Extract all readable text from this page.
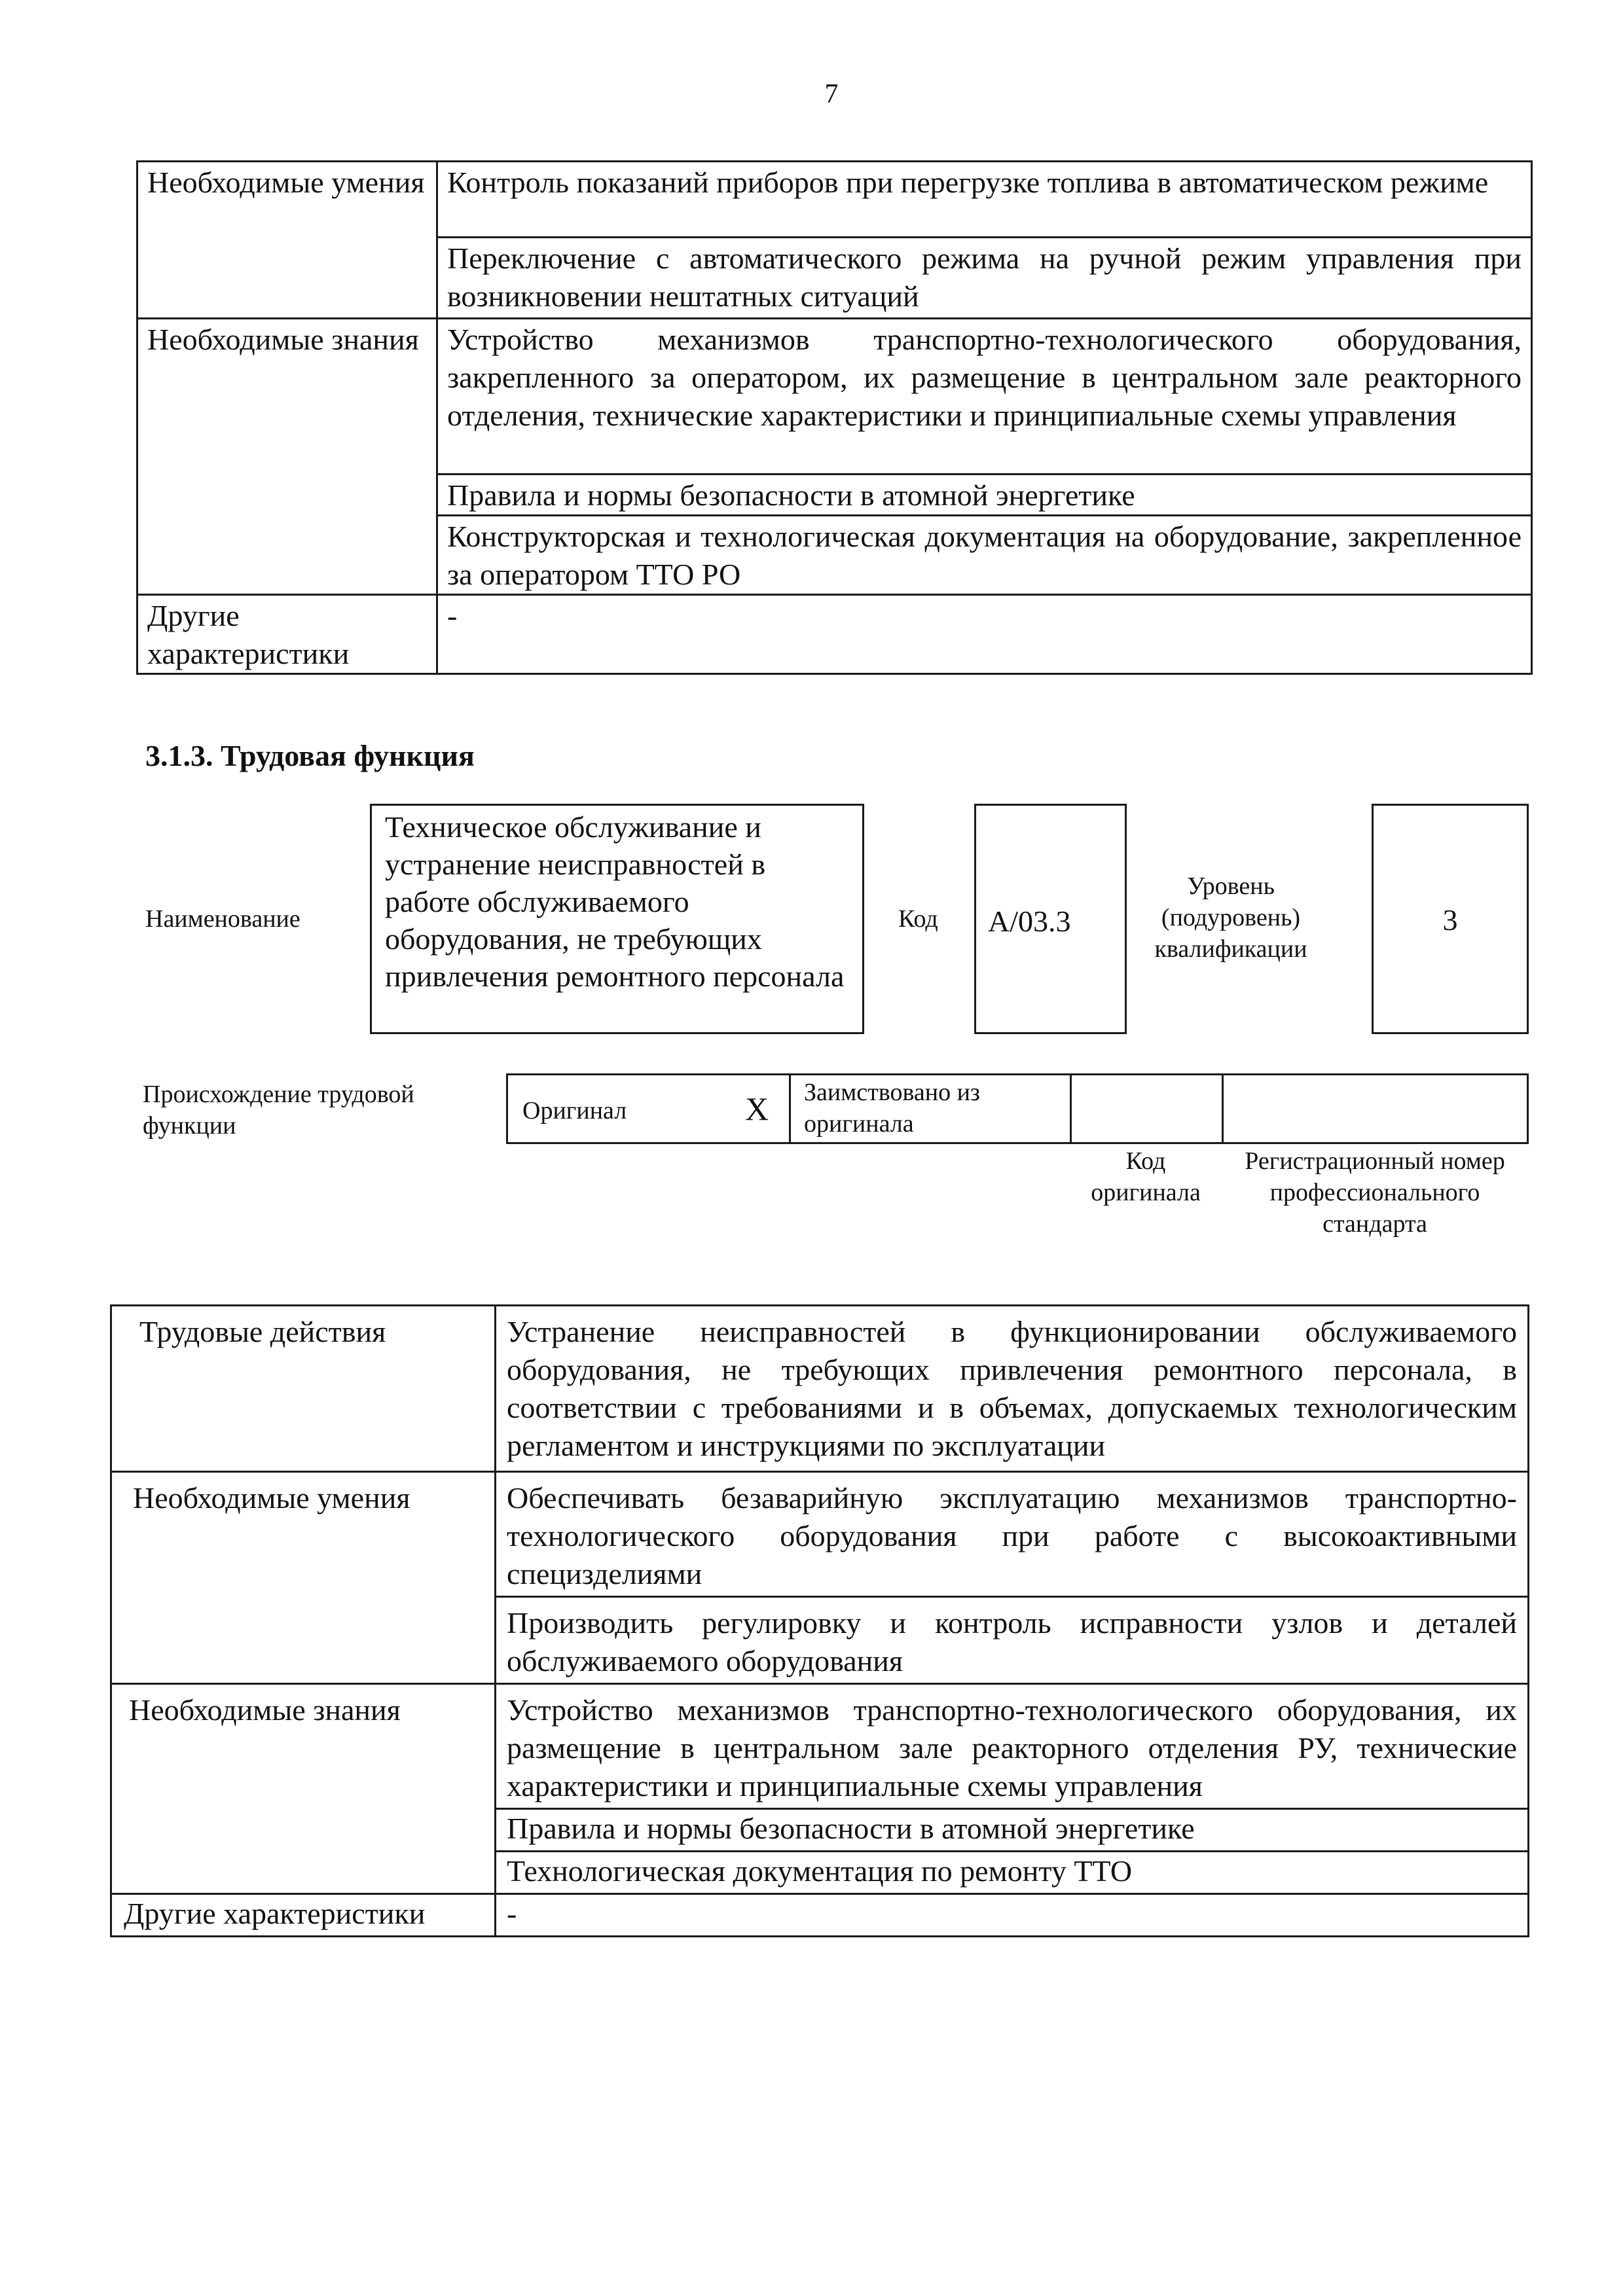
7
Необходимые умения	Контроль показаний приборов при перегрузке топлива в автоматическом режиме
	Переключение с автоматического режима на ручной режим управления при возникновении нештатных ситуаций
Необходимые знания	Устройство механизмов транспортно-технологического оборудования, закрепленного за оператором, их размещение в центральном зале реакторного отделения, технические характеристики и принципиальные схемы управления
	Правила и нормы безопасности в атомной энергетике
	Конструкторская и технологическая документация на оборудование, закрепленное за оператором ТТО РО
Другие характеристики	-
3.1.3. Трудовая функция
Наименование
Техническое обслуживание и устранение неисправностей в работе обслуживаемого оборудования, не требующих привлечения ремонтного персонала
Код	A/03.3
Уровень (подуровень) квалификации
3
Происхождение трудовой функции
Оригинал	X	Заимствовано из оригинала
Код оригинала
Регистрационный номер профессионального стандарта
Трудовые действия	Устранение неисправностей в функционировании обслуживаемого оборудования, не требующих привлечения ремонтного персонала, в соответствии с требованиями и в объемах, допускаемых технологическим регламентом и инструкциями по эксплуатации
Необходимые умения	Обеспечивать безаварийную эксплуатацию механизмов транспортно-технологического оборудования при работе с высокоактивными специзделиями
	Производить регулировку и контроль исправности узлов и деталей обслуживаемого оборудования
Необходимые знания	Устройство механизмов транспортно-технологического оборудования, их размещение в центральном зале реакторного отделения РУ, технические характеристики и принципиальные схемы управления
	Правила и нормы безопасности в атомной энергетике
	Технологическая документация по ремонту ТТО
Другие характеристики	-
